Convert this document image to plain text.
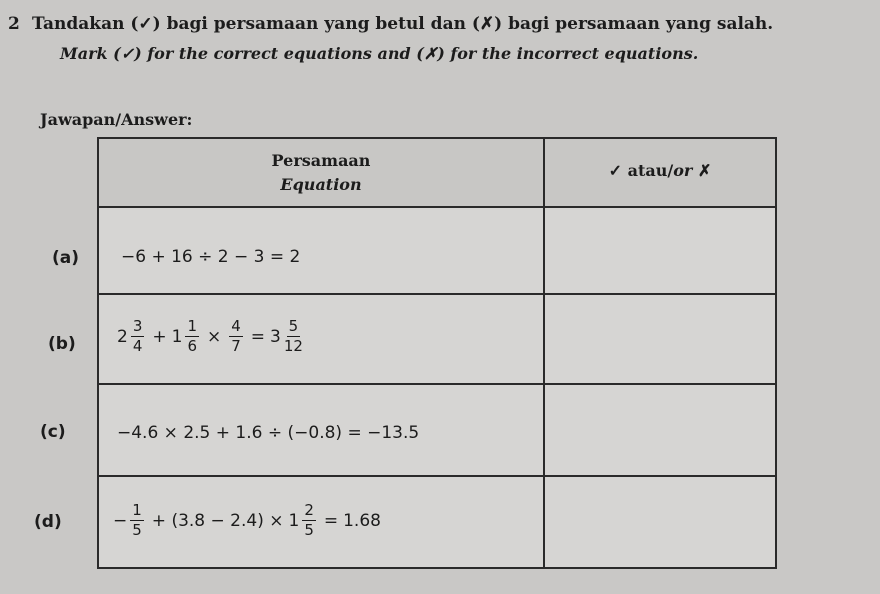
2 Tandakan (✓) bagi persamaan yang betul dan (✗) bagi persamaan yang salah.
Mark (✓) for the correct equations and (✗) for the incorrect equations.
Jawapan/Answer:
(a)
(b)
(c)
(d)
Persamaan
Equation
✓ atau/or ✗
−6 + 16 ÷ 2 − 3 = 2
$2 \frac{3}{4} + 1 \frac{1}{6} \times \frac{4}{7} = 3 \frac{5}{12}$
−4.6 × 2.5 + 1.6 ÷ (−0.8) = −13.5
− $\frac{1}{5} + (3.8 - 2.4) \times 1 \frac{2}{5} = 1.68$
